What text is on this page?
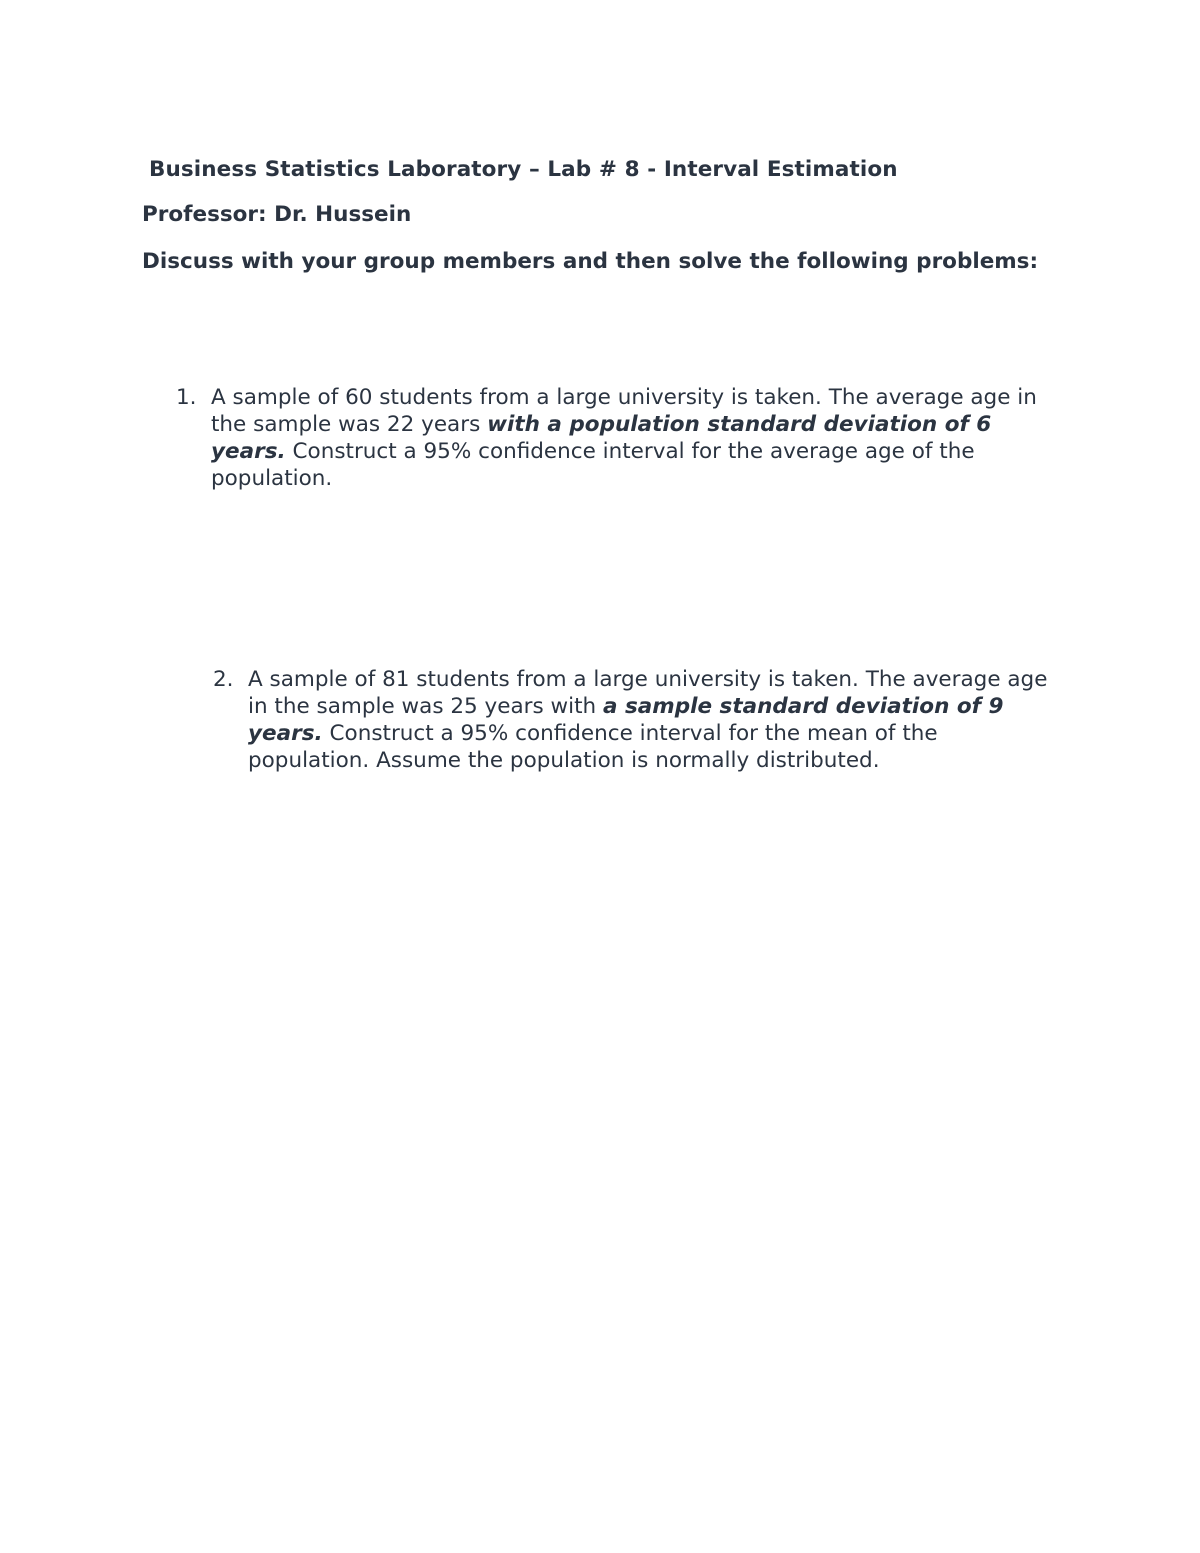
Business Statistics Laboratory – Lab # 8 - Interval Estimation
Professor: Dr. Hussein
Discuss with your group members and then solve the following problems:
1. A sample of 60 students from a large university is taken. The average age in the sample was 22 years with a population standard deviation of 6 years. Construct a 95% confidence interval for the average age of the population.
2. A sample of 81 students from a large university is taken. The average age in the sample was 25 years with a sample standard deviation of 9 years. Construct a 95% confidence interval for the mean of the population. Assume the population is normally distributed.
